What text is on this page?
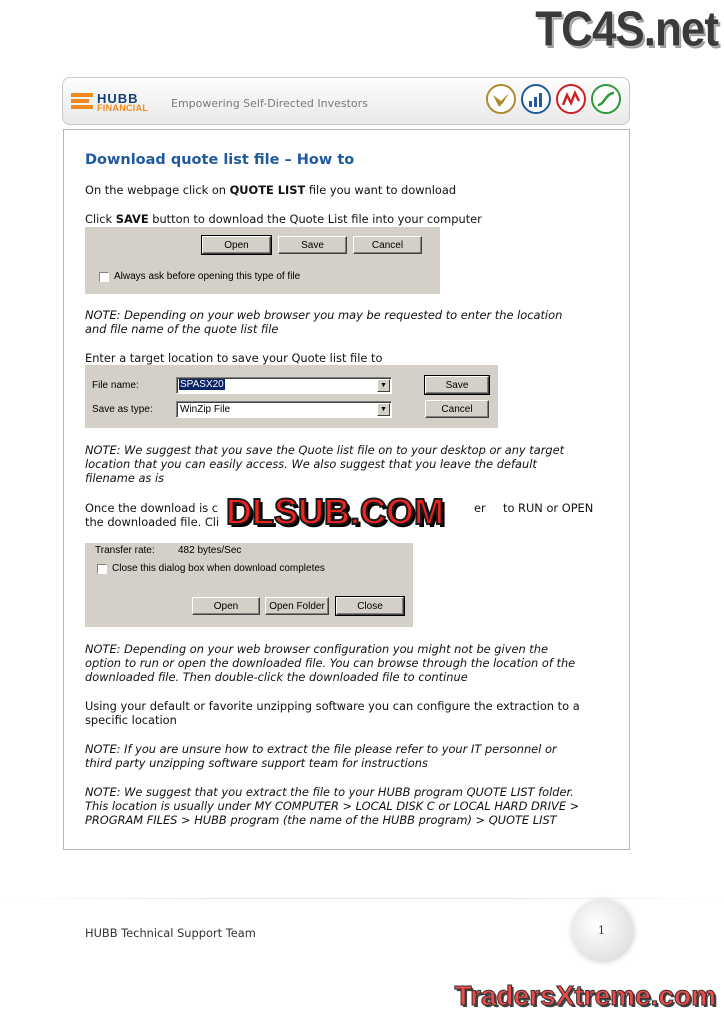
TC4S.net
HUBB
FINANCIAL Empowering Self-Directed Investors
Download quote list file – How to
On the webpage click on QUOTE LIST file you want to download
Click SAVE button to download the Quote List file into your computer
Open	Save	Cancel
Always ask before opening this type of file
NOTE: Depending on your web browser you may be requested to enter the location
and file name of the quote list file
Enter a target location to save your Quote list file to
File name:	SPASX20	▼
Save as type:	WinZip File	▼
Save
Cancel
NOTE: We suggest that you save the Quote list file on to your desktop or any target
location that you can easily access. We also suggest that you leave the default
filename as is
Once the download is c	er to RUN or OPEN
the downloaded file. Cli DLSUB.COM
Transfer rate: 482 bytes/Sec
Close this dialog box when download completes
Open	Open Folder	Close
NOTE: Depending on your web browser configuration you might not be given the
option to run or open the downloaded file. You can browse through the location of the
downloaded file. Then double-click the downloaded file to continue
Using your default or favorite unzipping software you can configure the extraction to a
specific location
NOTE: If you are unsure how to extract the file please refer to your IT personnel or
third party unzipping software support team for instructions
NOTE: We suggest that you extract the file to your HUBB program QUOTE LIST folder.
This location is usually under MY COMPUTER > LOCAL DISK C or LOCAL HARD DRIVE >
PROGRAM FILES > HUBB program (the name of the HUBB program) > QUOTE LIST
HUBB Technical Support Team	1
TradersXtreme.com
